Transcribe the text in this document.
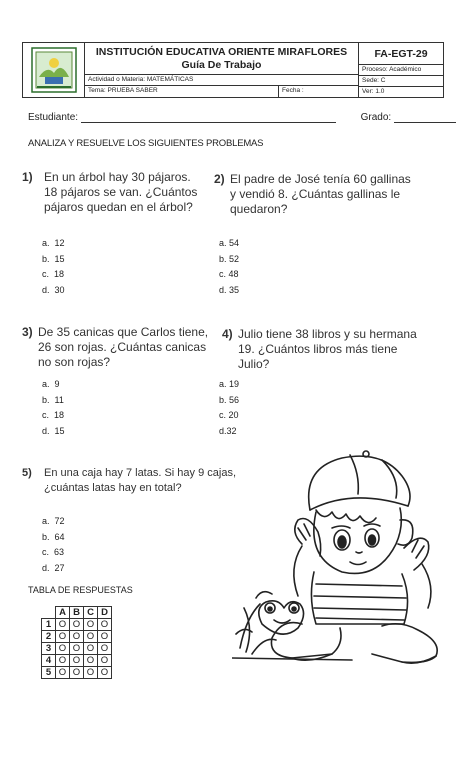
INSTITUCIÓN EDUCATIVA ORIENTE MIRAFLORES
Guía De Trabajo
FA-EGT-29
Proceso: Académico
Actividad o Materia: MATEMÁTICAS	Sede: C
Tema: PRUEBA SABER	Fecha :	Ver: 1.0
Estudiante:	Grado:
ANALIZA Y RESUELVE LOS SIGUIENTES PROBLEMAS
1) En un árbol hay 30 pájaros.
18 pájaros se van. ¿Cuántos
pájaros quedan en el árbol?
a.  12
b.  15
c.  18
d.  30
2) El padre de José tenía 60 gallinas
y vendió 8. ¿Cuántas gallinas le
quedaron?
a. 54
b. 52
c. 48
d. 35
3) De 35 canicas que Carlos tiene,
26 son rojas. ¿Cuántas canicas
no son rojas?
a.  9
b.  11
c.  18
d.  15
4) Julio tiene 38 libros y su hermana
19. ¿Cuántos libros más tiene
Julio?
a. 19
b. 56
c. 20
d.32
5) En una caja hay 7 latas. Si hay 9 cajas,
¿cuántas latas hay en total?
a.  72
b.  64
c.  63
d.  27
TABLA DE RESPUESTAS
	A	B	C	D
1	O	O	O	O
2	O	O	O	O
3	O	O	O	O
4	O	O	O	O
5	O	O	O	O
